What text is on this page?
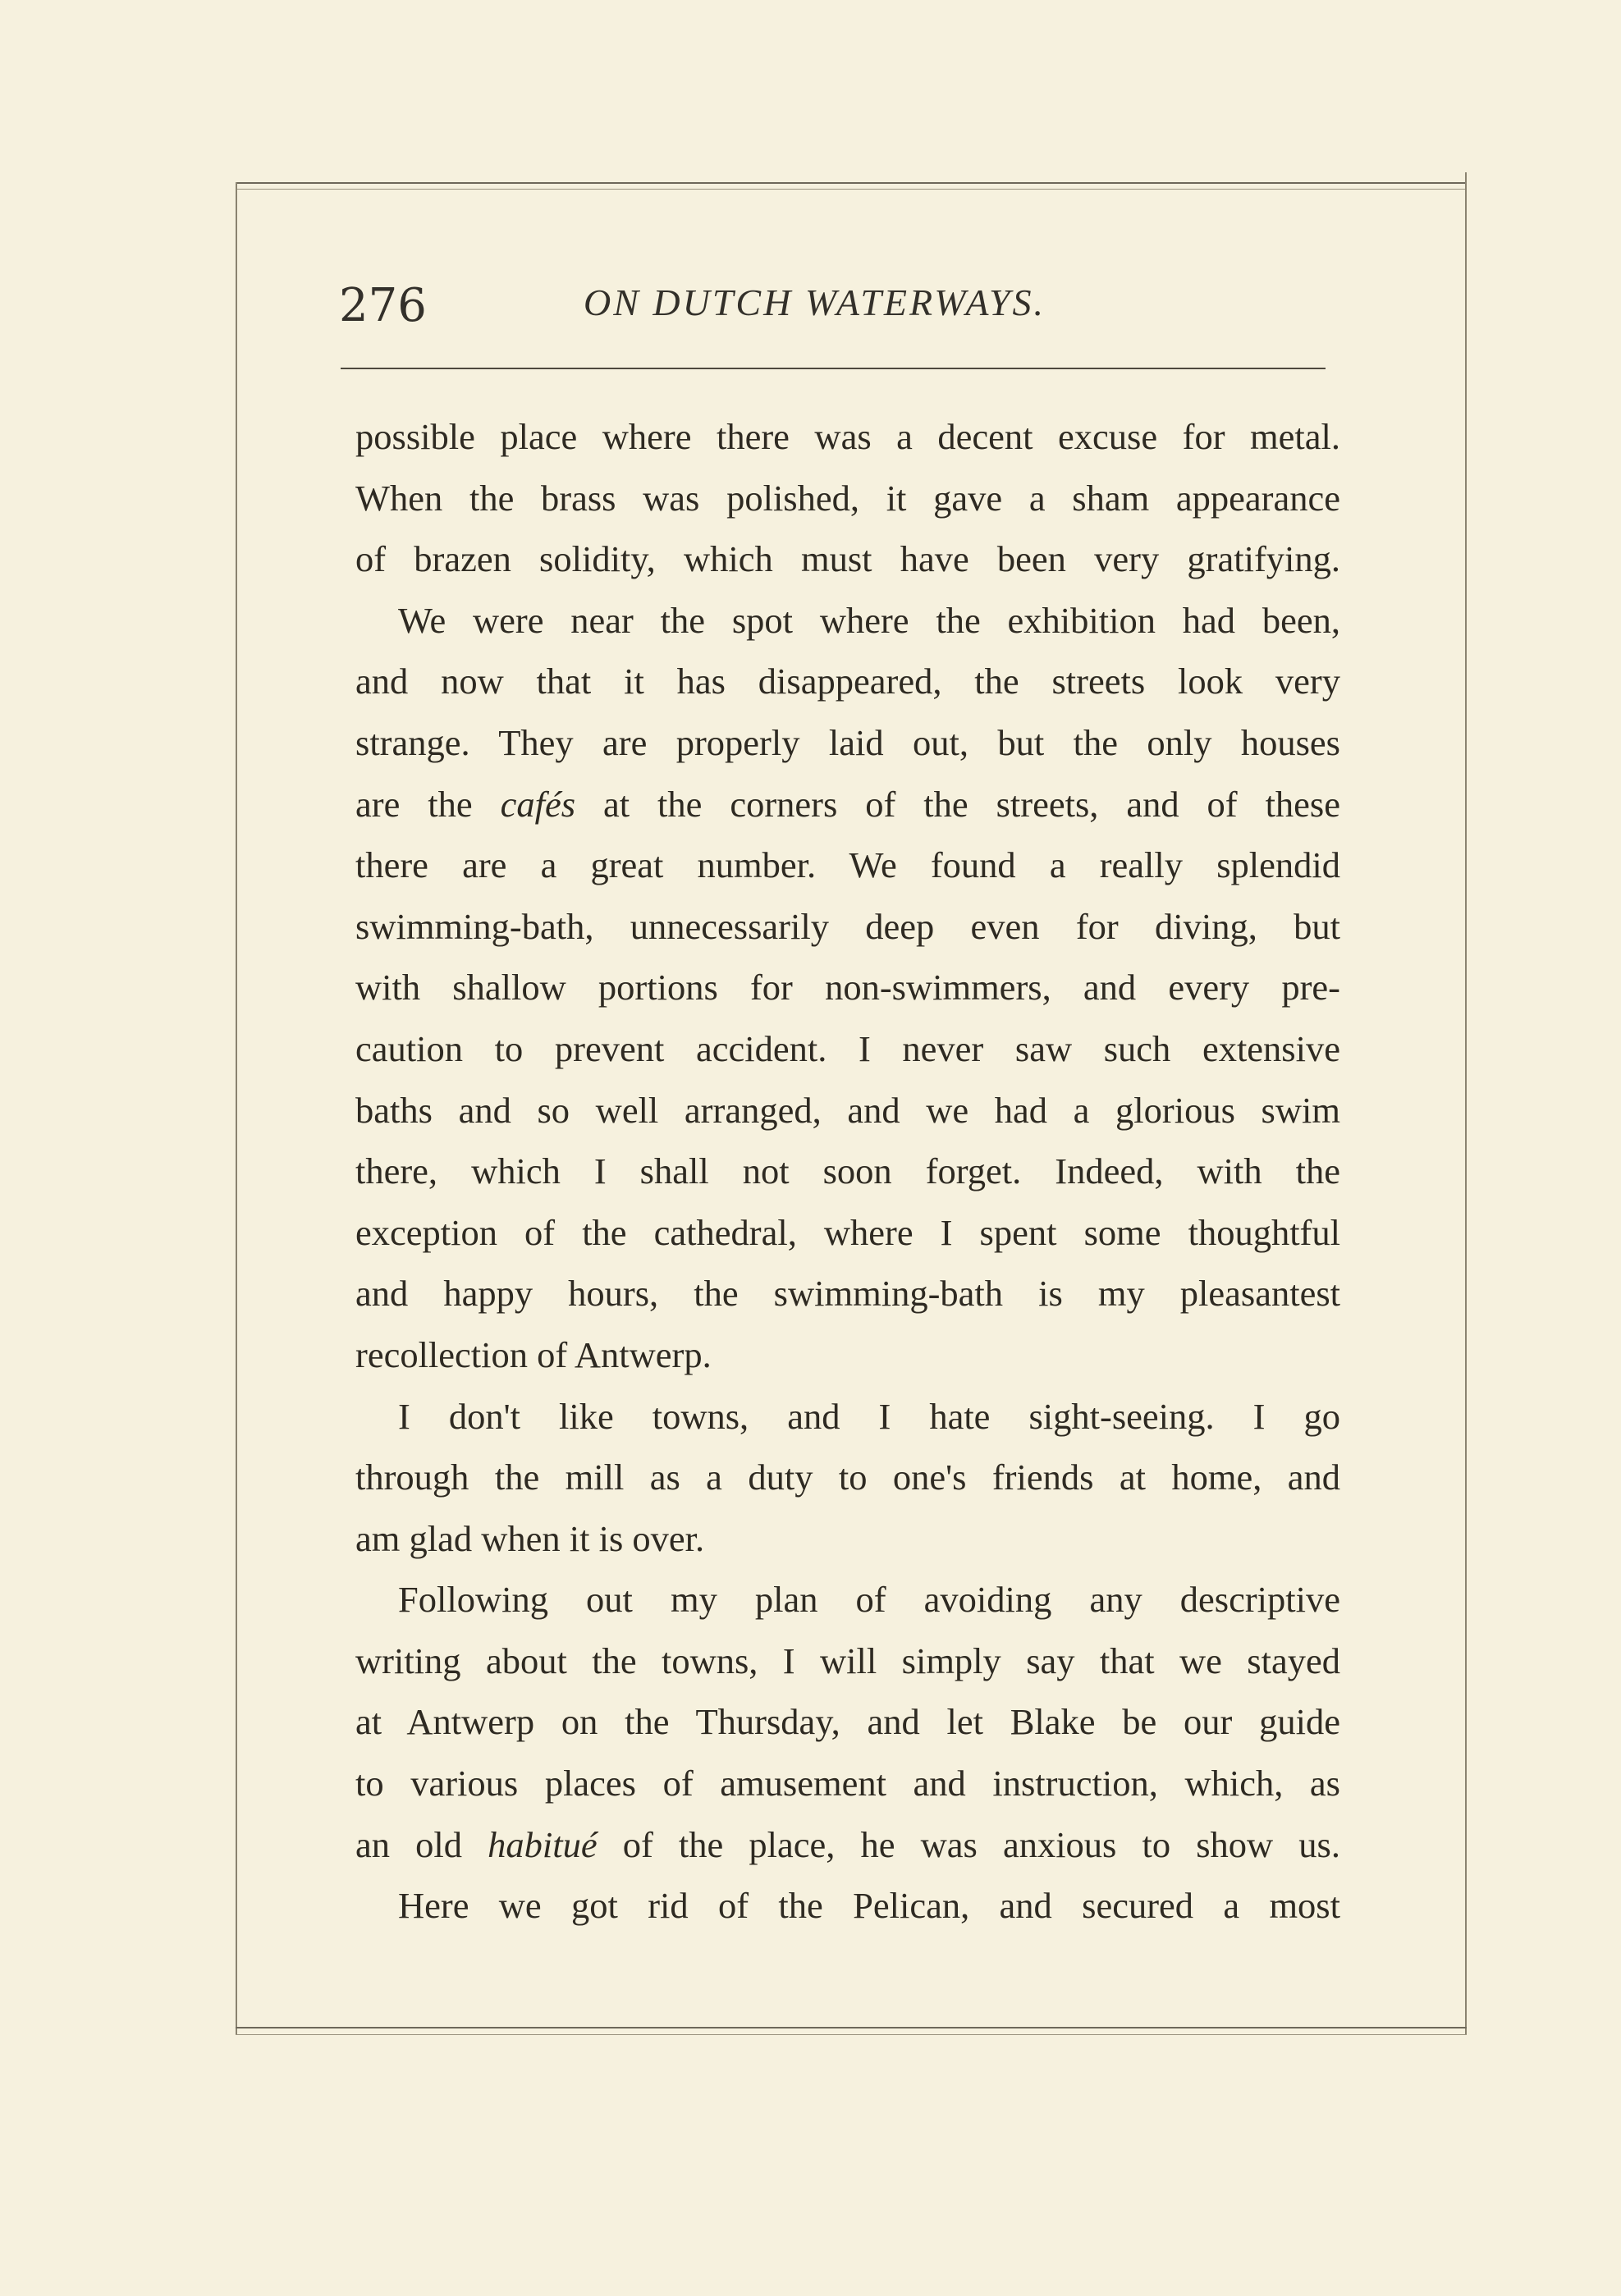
276	ON DUTCH WATERWAYS.
possible place where there was a decent excuse for metal.
When the brass was polished, it gave a sham appearance
of brazen solidity, which must have been very gratifying.
We were near the spot where the exhibition had been,
and now that it has disappeared, the streets look very
strange. They are properly laid out, but the only houses
are the cafés at the corners of the streets, and of these
there are a great number. We found a really splendid
swimming-bath, unnecessarily deep even for diving, but
with shallow portions for non-swimmers, and every pre-
caution to prevent accident. I never saw such extensive
baths and so well arranged, and we had a glorious swim
there, which I shall not soon forget. Indeed, with the
exception of the cathedral, where I spent some thoughtful
and happy hours, the swimming-bath is my pleasantest
recollection of Antwerp.
I don't like towns, and I hate sight-seeing. I go
through the mill as a duty to one's friends at home, and
am glad when it is over.
Following out my plan of avoiding any descriptive
writing about the towns, I will simply say that we stayed
at Antwerp on the Thursday, and let Blake be our guide
to various places of amusement and instruction, which, as
an old habitué of the place, he was anxious to show us.
Here we got rid of the Pelican, and secured a most
